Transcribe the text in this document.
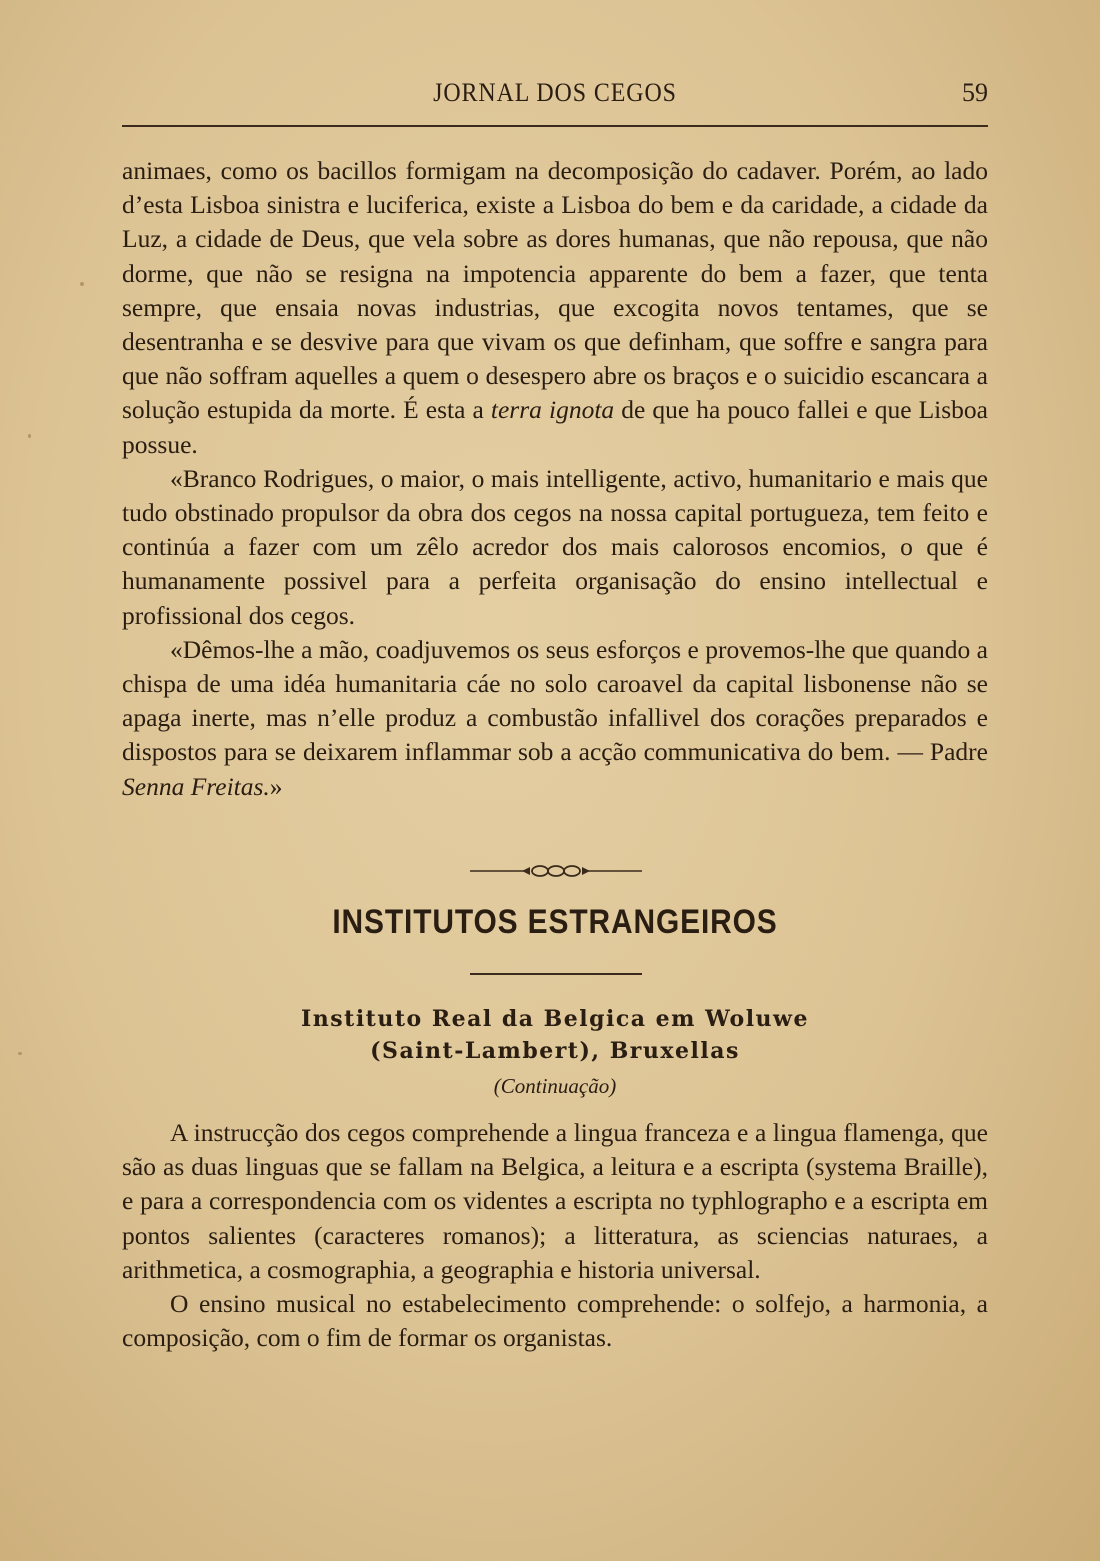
JORNAL DOS CEGOS	59

animaes, como os bacillos formigam na decomposição do cadaver. Porém, ao lado d’esta Lisboa sinistra e luciferica, existe a Lisboa do bem e da caridade, a cidade da Luz, a cidade de Deus, que vela sobre as dores humanas, que não repousa, que não dorme, que não se resigna na impotencia apparente do bem a fazer, que tenta sempre, que ensaia novas industrias, que excogita novos tentames, que se desentranha e se desvive para que vivam os que definham, que soffre e sangra para que não soffram aquelles a quem o desespero abre os braços e o suicidio escancara a solução estupida da morte. É esta a terra ignota de que ha pouco fallei e que Lisboa possue.

«Branco Rodrigues, o maior, o mais intelligente, activo, humanitario e mais que tudo obstinado propulsor da obra dos cegos na nossa capital portugueza, tem feito e continúa a fazer com um zêlo acredor dos mais calorosos encomios, o que é humanamente possivel para a perfeita organisação do ensino intellectual e profissional dos cegos.

«Dêmos-lhe a mão, coadjuvemos os seus esforços e provemos-lhe que quando a chispa de uma idéa humanitaria cáe no solo caroavel da capital lisbonense não se apaga inerte, mas n’elle produz a combustão infallivel dos corações preparados e dispostos para se deixarem inflammar sob a acção communicativa do bem. — Padre Senna Freitas.»

INSTITUTOS ESTRANGEIROS
Instituto Real da Belgica em Woluwe
(Saint-Lambert), Bruxellas
(Continuação)

A instrucção dos cegos comprehende a lingua franceza e a lingua flamenga, que são as duas linguas que se fallam na Belgica, a leitura e a escripta (systema Braille), e para a correspondencia com os videntes a escripta no typhlographo e a escripta em pontos salientes (caracteres romanos); a litteratura, as sciencias naturaes, a arithmetica, a cosmographia, a geographia e historia universal.

O ensino musical no estabelecimento comprehende: o solfejo, a harmonia, a composição, com o fim de formar os organistas.
